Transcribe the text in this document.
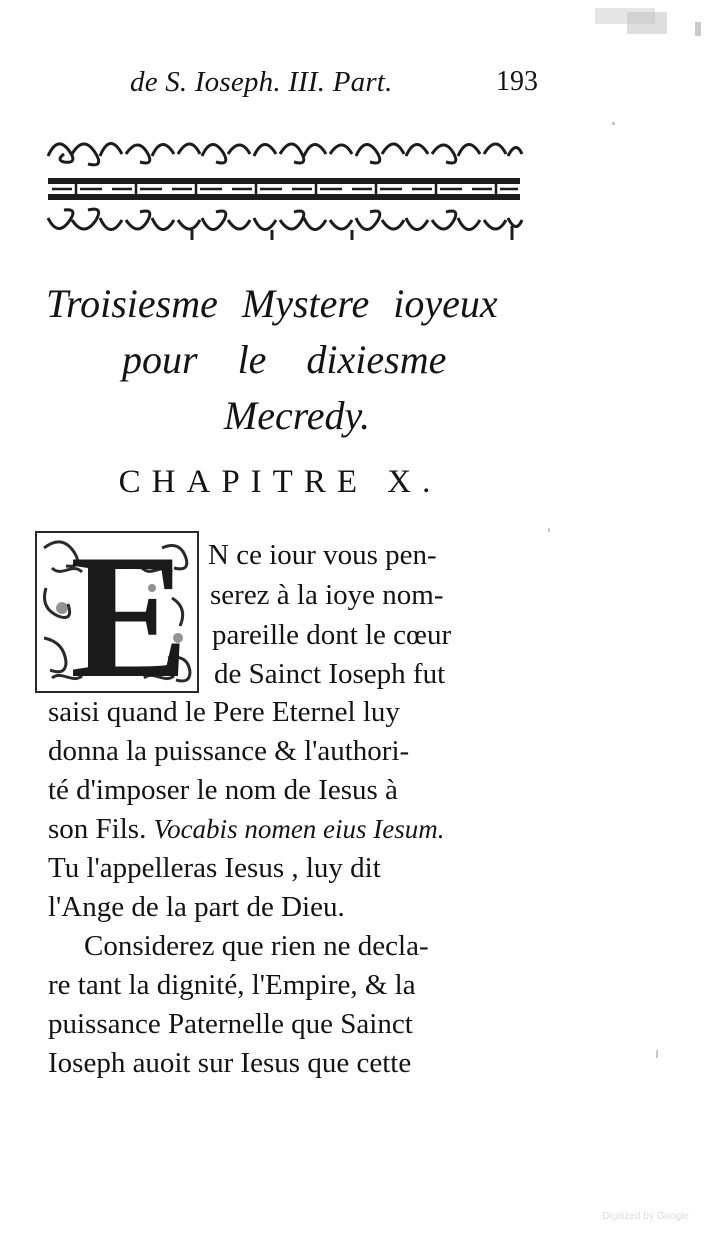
de S. Ioseph. III. Part.	193
Troisiesme Mystere ioyeux
pour le dixiesme
Mecredy.
CHAPITRE X.
E N ce iour vous pen-
serez à la ioye nom-
pareille dont le cœur
de Sainct Ioseph fut
saisi quand le Pere Eternel luy
donna la puissance & l'authori-
té d'imposer le nom de Iesus à
son Fils. Vocabis nomen eius Iesum.
Tu l'appelleras Iesus , luy dit
l'Ange de la part de Dieu.
Considerez que rien ne decla-
re tant la dignité, l'Empire, & la
puissance Paternelle que Sainct
Ioseph auoit sur Iesus que cette
Digitized by Google
